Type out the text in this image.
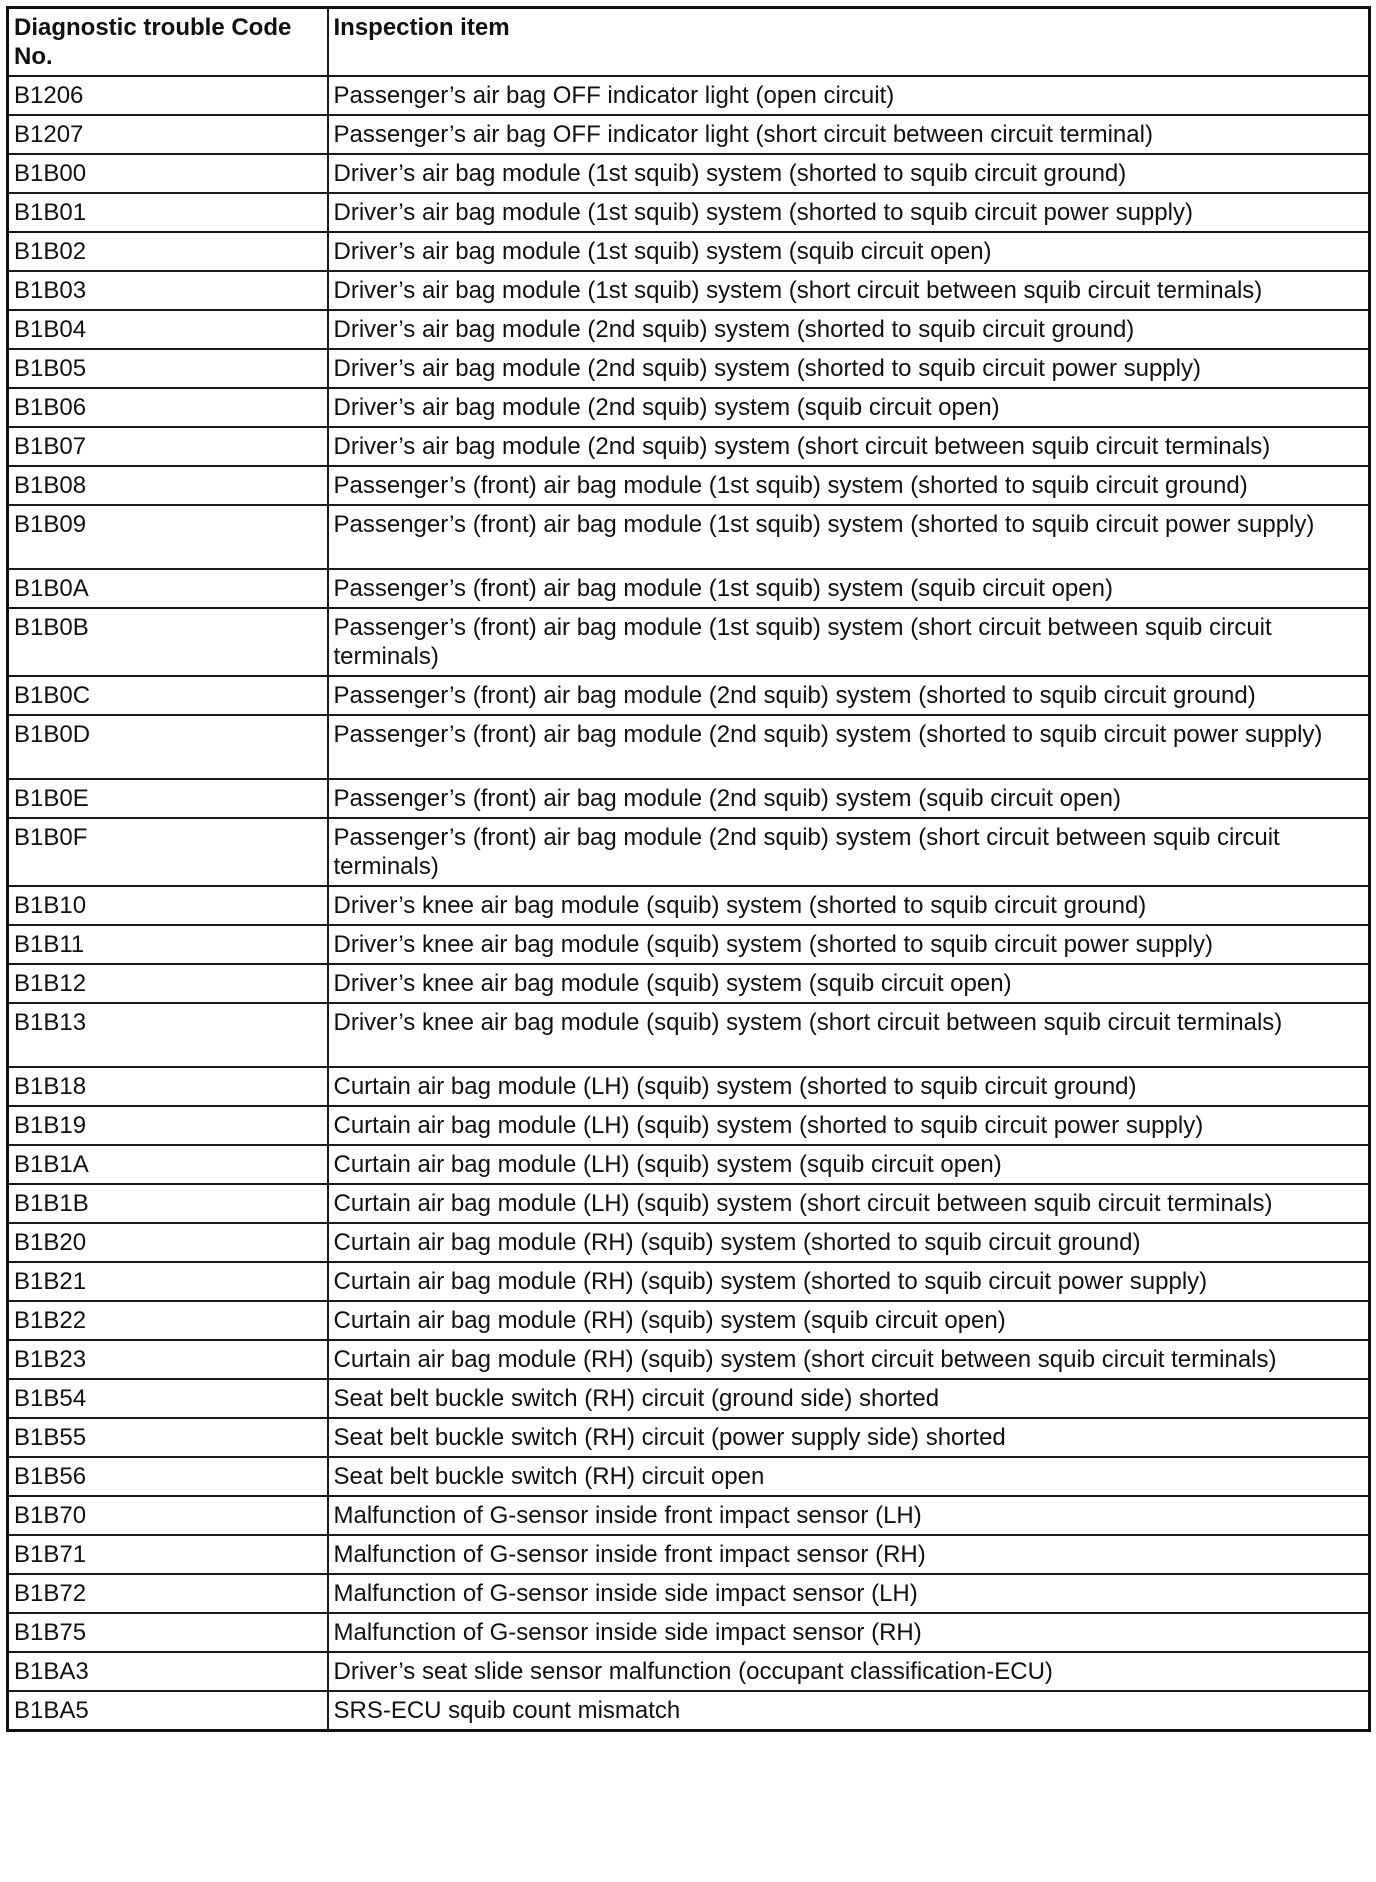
Diagnostic trouble Code No.	Inspection item
B1206	Passenger’s air bag OFF indicator light (open circuit)
B1207	Passenger’s air bag OFF indicator light (short circuit between circuit terminal)
B1B00	Driver’s air bag module (1st squib) system (shorted to squib circuit ground)
B1B01	Driver’s air bag module (1st squib) system (shorted to squib circuit power supply)
B1B02	Driver’s air bag module (1st squib) system (squib circuit open)
B1B03	Driver’s air bag module (1st squib) system (short circuit between squib circuit terminals)
B1B04	Driver’s air bag module (2nd squib) system (shorted to squib circuit ground)
B1B05	Driver’s air bag module (2nd squib) system (shorted to squib circuit power supply)
B1B06	Driver’s air bag module (2nd squib) system (squib circuit open)
B1B07	Driver’s air bag module (2nd squib) system (short circuit between squib circuit terminals)
B1B08	Passenger’s (front) air bag module (1st squib) system (shorted to squib circuit ground)
B1B09	Passenger’s (front) air bag module (1st squib) system (shorted to squib circuit power supply)
B1B0A	Passenger’s (front) air bag module (1st squib) system (squib circuit open)
B1B0B	Passenger’s (front) air bag module (1st squib) system (short circuit between squib circuit terminals)
B1B0C	Passenger’s (front) air bag module (2nd squib) system (shorted to squib circuit ground)
B1B0D	Passenger’s (front) air bag module (2nd squib) system (shorted to squib circuit power supply)
B1B0E	Passenger’s (front) air bag module (2nd squib) system (squib circuit open)
B1B0F	Passenger’s (front) air bag module (2nd squib) system (short circuit between squib circuit terminals)
B1B10	Driver’s knee air bag module (squib) system (shorted to squib circuit ground)
B1B11	Driver’s knee air bag module (squib) system (shorted to squib circuit power supply)
B1B12	Driver’s knee air bag module (squib) system (squib circuit open)
B1B13	Driver’s knee air bag module (squib) system (short circuit between squib circuit terminals)
B1B18	Curtain air bag module (LH) (squib) system (shorted to squib circuit ground)
B1B19	Curtain air bag module (LH) (squib) system (shorted to squib circuit power supply)
B1B1A	Curtain air bag module (LH) (squib) system (squib circuit open)
B1B1B	Curtain air bag module (LH) (squib) system (short circuit between squib circuit terminals)
B1B20	Curtain air bag module (RH) (squib) system (shorted to squib circuit ground)
B1B21	Curtain air bag module (RH) (squib) system (shorted to squib circuit power supply)
B1B22	Curtain air bag module (RH) (squib) system (squib circuit open)
B1B23	Curtain air bag module (RH) (squib) system (short circuit between squib circuit terminals)
B1B54	Seat belt buckle switch (RH) circuit (ground side) shorted
B1B55	Seat belt buckle switch (RH) circuit (power supply side) shorted
B1B56	Seat belt buckle switch (RH) circuit open
B1B70	Malfunction of G-sensor inside front impact sensor (LH)
B1B71	Malfunction of G-sensor inside front impact sensor (RH)
B1B72	Malfunction of G-sensor inside side impact sensor (LH)
B1B75	Malfunction of G-sensor inside side impact sensor (RH)
B1BA3	Driver’s seat slide sensor malfunction (occupant classification-ECU)
B1BA5	SRS-ECU squib count mismatch
